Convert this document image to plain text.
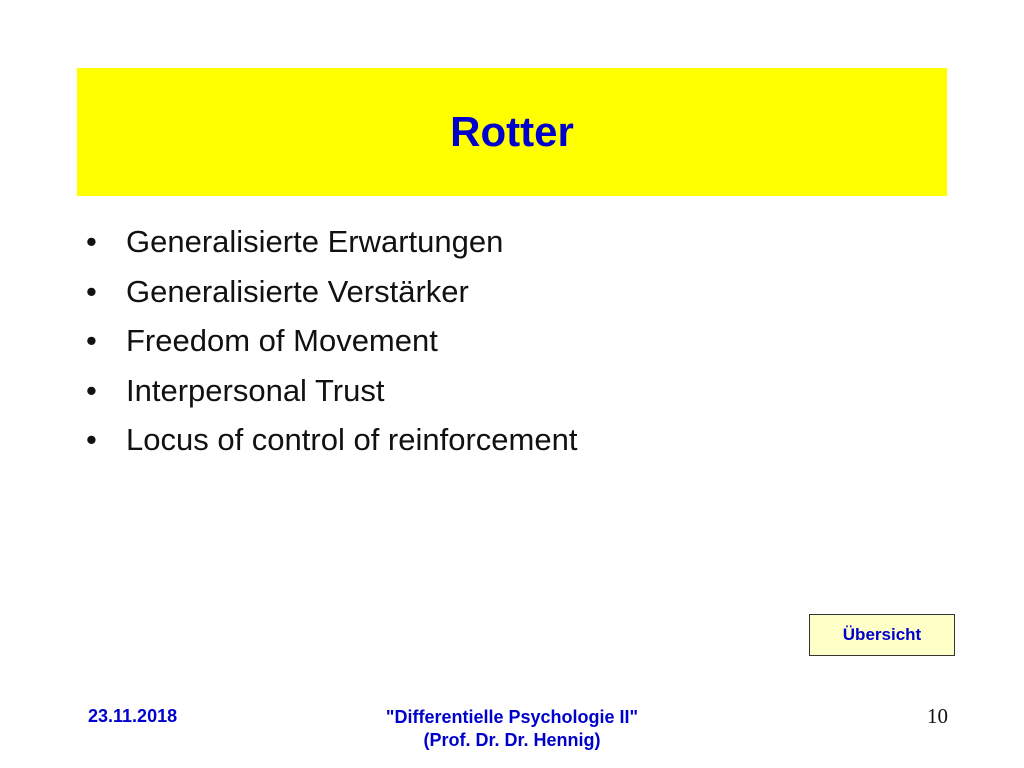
Rotter
• Generalisierte Erwartungen
• Generalisierte Verstärker
• Freedom of Movement
• Interpersonal Trust
• Locus of control of reinforcement
Übersicht
23.11.2018	"Differentielle Psychologie II"
(Prof. Dr. Dr. Hennig)
10
